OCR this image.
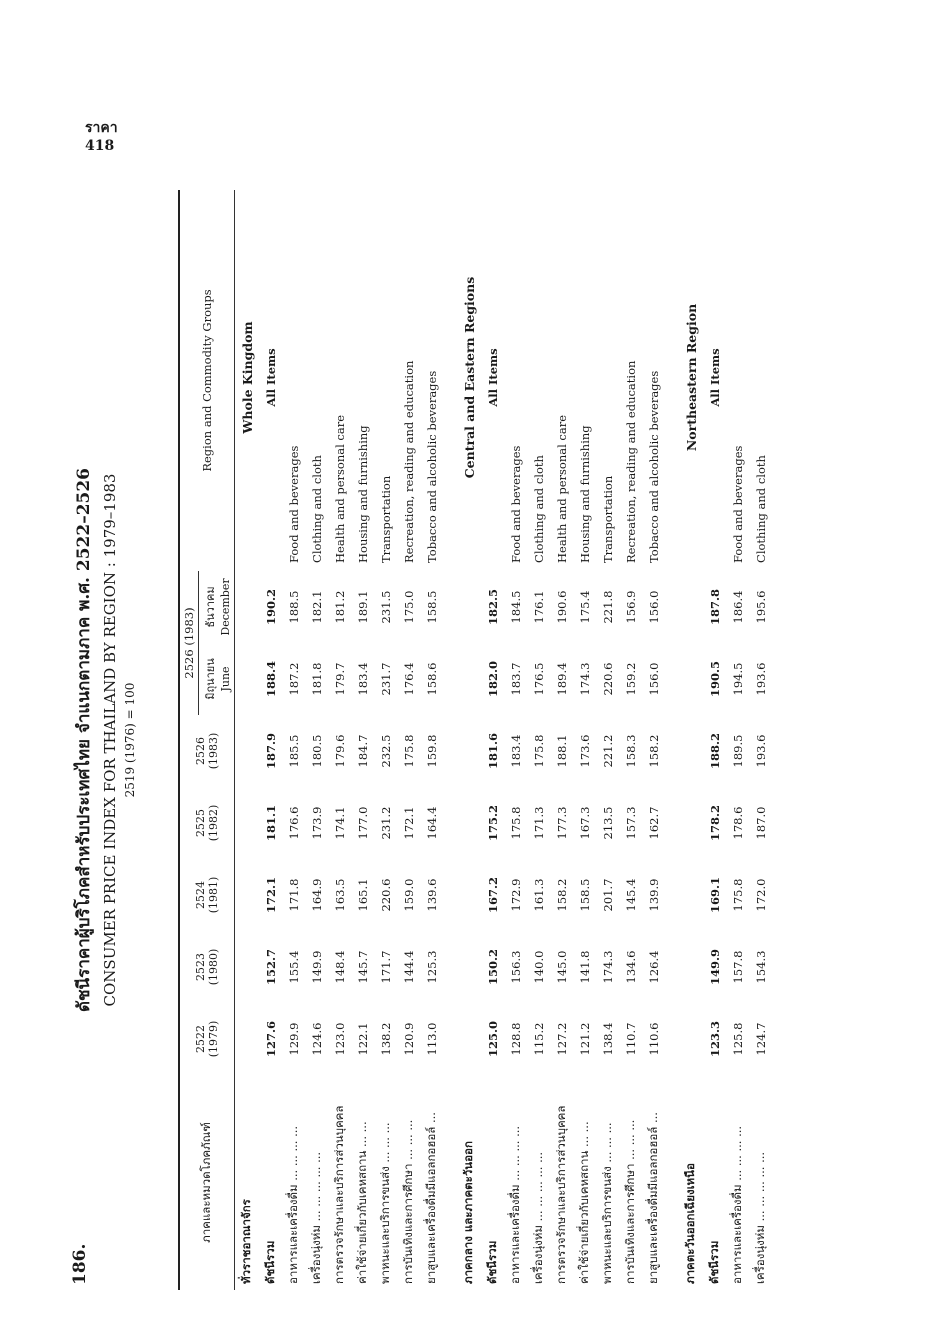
ราคา
418
186.
ดัชนีราคาผู้บริโภคสำหรับประเทศไทย จำแนกตามภาค พ.ศ. 2522–2526 CONSUMER PRICE INDEX FOR THAILAND BY REGION : 1979–1983 2519 (1976) = 100
ภาคและหมวดโภคภัณฑ์	2522 (1979)	2523 (1980)	2524 (1981)	2525 (1982)	2526 (1983)	2526 (1983)		Region and Commodity Groups

						มิถุนายน June	ธันวาคม December	

ทั่วราชอาณาจักร								Whole Kingdom
ดัชนีรวม	127.6	152.7	172.1	181.1	187.9	188.4	190.2	All Items
อาหารและเครื่องดื่ม ... ... ... ...	129.9	155.4	171.8	176.6	185.5	187.2	188.5	Food and beverages
เครื่องนุ่งห่ม ... ... ... ... ...	124.6	149.9	164.9	173.9	180.5	181.8	182.1	Clothing and cloth
การตรวจรักษาและบริการส่วนบุคคล	123.0	148.4	163.5	174.1	179.6	179.7	181.2	Health and personal care
ค่าใช้จ่ายเกี่ยวกับเคหสถาน ... ...	122.1	145.7	165.1	177.0	184.7	183.4	189.1	Housing and furnishing
พาหนะและบริการขนส่ง ... ... ...	138.2	171.7	220.6	231.2	232.5	231.7	231.5	Transportation
การบันเทิงและการศึกษา ... ... ...	120.9	144.4	159.0	172.1	175.8	176.4	175.0	Recreation, reading and education
ยาสูบและเครื่องดื่มมีแอลกอฮอล์ ...	113.0	125.3	139.6	164.4	159.8	158.6	158.5	Tobacco and alcoholic beverages

ภาคกลาง และภาคตะวันออก								Central and Eastern Regions
ดัชนีรวม	125.0	150.2	167.2	175.2	181.6	182.0	182.5	All Items
อาหารและเครื่องดื่ม ... ... ... ...	128.8	156.3	172.9	175.8	183.4	183.7	184.5	Food and beverages
เครื่องนุ่งห่ม ... ... ... ... ...	115.2	140.0	161.3	171.3	175.8	176.5	176.1	Clothing and cloth
การตรวจรักษาและบริการส่วนบุคคล	127.2	145.0	158.2	177.3	188.1	189.4	190.6	Health and personal care
ค่าใช้จ่ายเกี่ยวกับเคหสถาน ... ...	121.2	141.8	158.5	167.3	173.6	174.3	175.4	Housing and furnishing
พาหนะและบริการขนส่ง ... ... ...	138.4	174.3	201.7	213.5	221.2	220.6	221.8	Transportation
การบันเทิงและการศึกษา ... ... ...	110.7	134.6	145.4	157.3	158.3	159.2	156.9	Recreation, reading and education
ยาสูบและเครื่องดื่มมีแอลกอฮอล์ ...	110.6	126.4	139.9	162.7	158.2	156.0	156.0	Tobacco and alcoholic beverages

ภาคตะวันออกเฉียงเหนือ								Northeastern Region
ดัชนีรวม	123.3	149.9	169.1	178.2	188.2	190.5	187.8	All Items
อาหารและเครื่องดื่ม ... ... ... ...	125.8	157.8	175.8	178.6	189.5	194.5	186.4	Food and beverages
เครื่องนุ่งห่ม ... ... ... ... ...	124.7	154.3	172.0	187.0	193.6	193.6	195.6	Clothing and cloth
